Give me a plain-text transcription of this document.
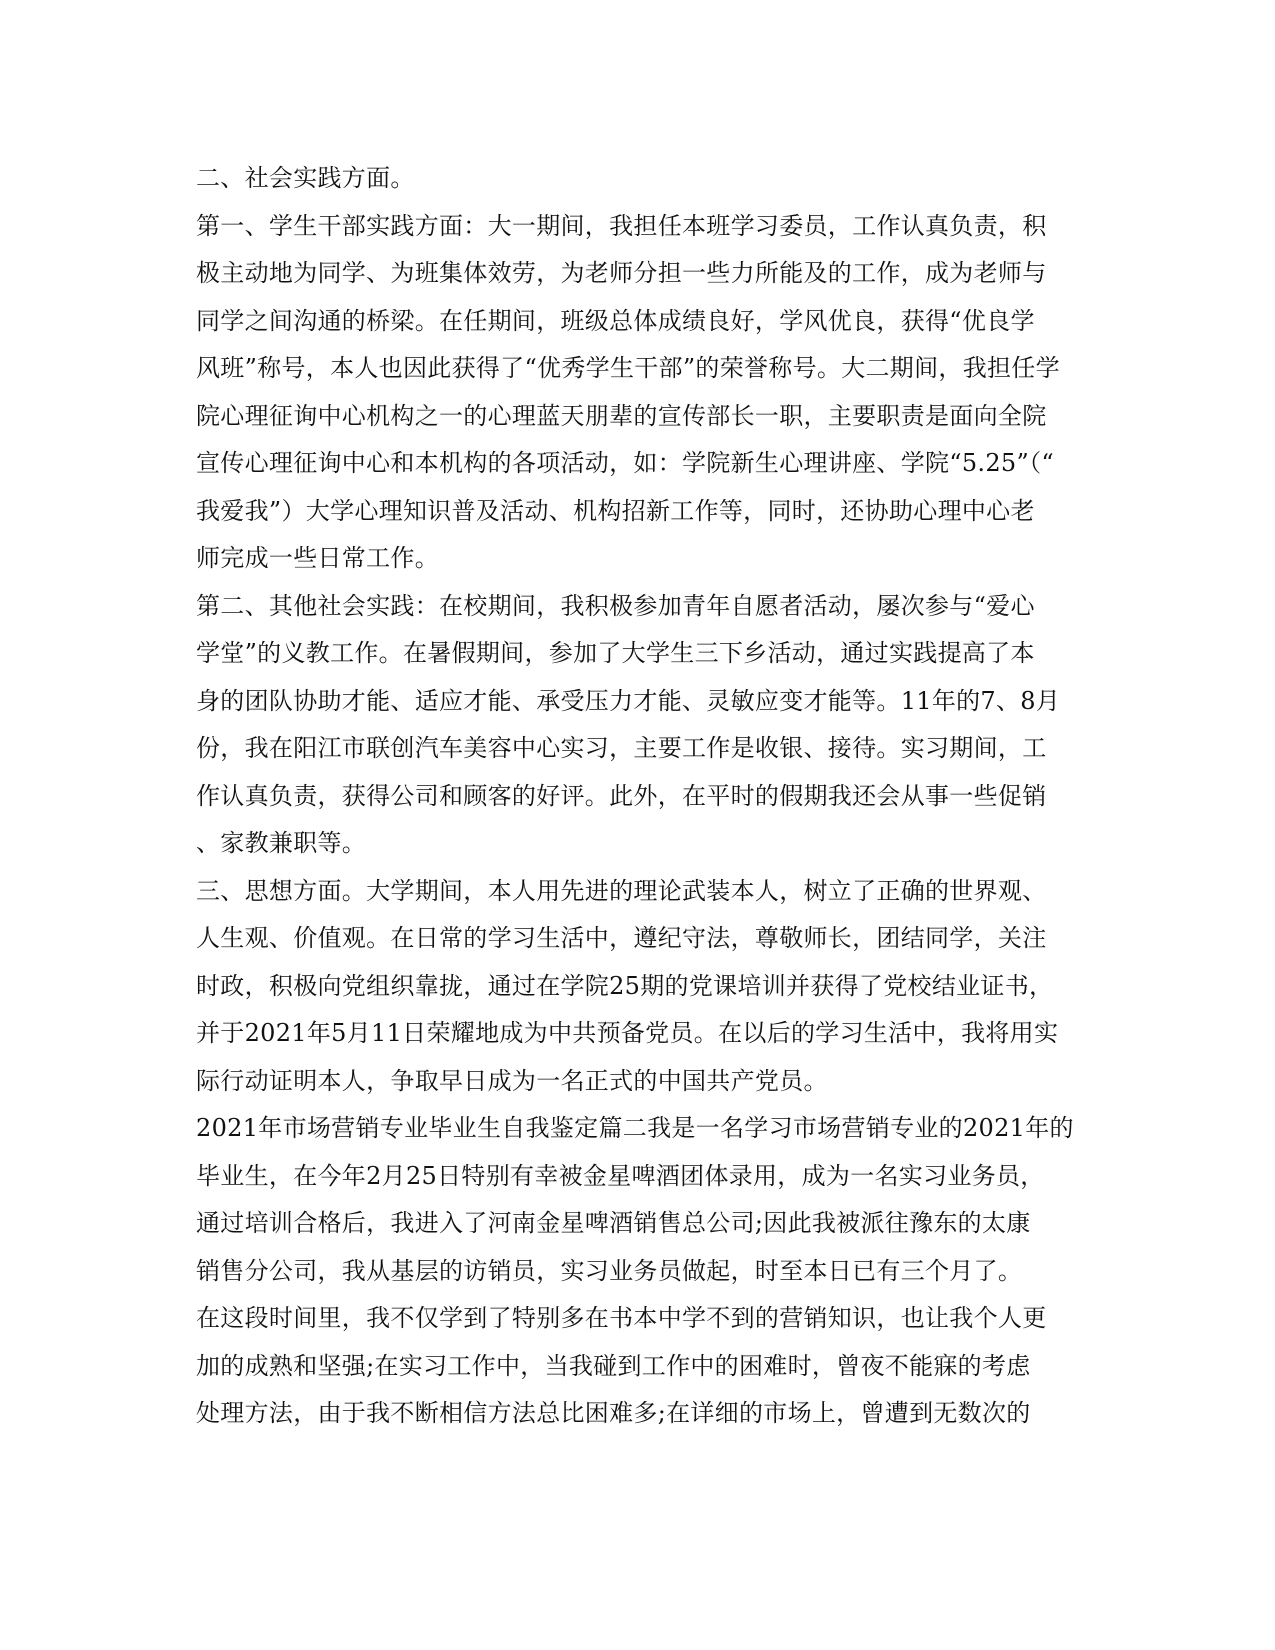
二、社会实践方面。
第一、学生干部实践方面：大一期间，我担任本班学习委员，工作认真负责，积
极主动地为同学、为班集体效劳，为老师分担一些力所能及的工作，成为老师与
同学之间沟通的桥梁。在任期间，班级总体成绩良好，学风优良，获得“优良学
风班”称号，本人也因此获得了“优秀学生干部”的荣誉称号。大二期间，我担任学
院心理征询中心机构之一的心理蓝天朋辈的宣传部长一职，主要职责是面向全院
宣传心理征询中心和本机构的各项活动，如：学院新生心理讲座、学院“5.25”（“
我爱我”）大学心理知识普及活动、机构招新工作等，同时，还协助心理中心老
师完成一些日常工作。
第二、其他社会实践：在校期间，我积极参加青年自愿者活动，屡次参与“爱心
学堂”的义教工作。在暑假期间，参加了大学生三下乡活动，通过实践提高了本
身的团队协助才能、适应才能、承受压力才能、灵敏应变才能等。11年的7、8月
份，我在阳江市联创汽车美容中心实习，主要工作是收银、接待。实习期间，工
作认真负责，获得公司和顾客的好评。此外，在平时的假期我还会从事一些促销
、家教兼职等。
三、思想方面。大学期间，本人用先进的理论武装本人，树立了正确的世界观、
人生观、价值观。在日常的学习生活中，遵纪守法，尊敬师长，团结同学，关注
时政，积极向党组织靠拢，通过在学院25期的党课培训并获得了党校结业证书，
并于2021年5月11日荣耀地成为中共预备党员。在以后的学习生活中，我将用实
际行动证明本人，争取早日成为一名正式的中国共产党员。
2021年市场营销专业毕业生自我鉴定篇二我是一名学习市场营销专业的2021年的
毕业生，在今年2月25日特别有幸被金星啤酒团体录用，成为一名实习业务员，
通过培训合格后，我进入了河南金星啤酒销售总公司;因此我被派往豫东的太康
销售分公司，我从基层的访销员，实习业务员做起，时至本日已有三个月了。
在这段时间里，我不仅学到了特别多在书本中学不到的营销知识，也让我个人更
加的成熟和坚强;在实习工作中，当我碰到工作中的困难时，曾夜不能寐的考虑
处理方法，由于我不断相信方法总比困难多;在详细的市场上，曾遭到无数次的
